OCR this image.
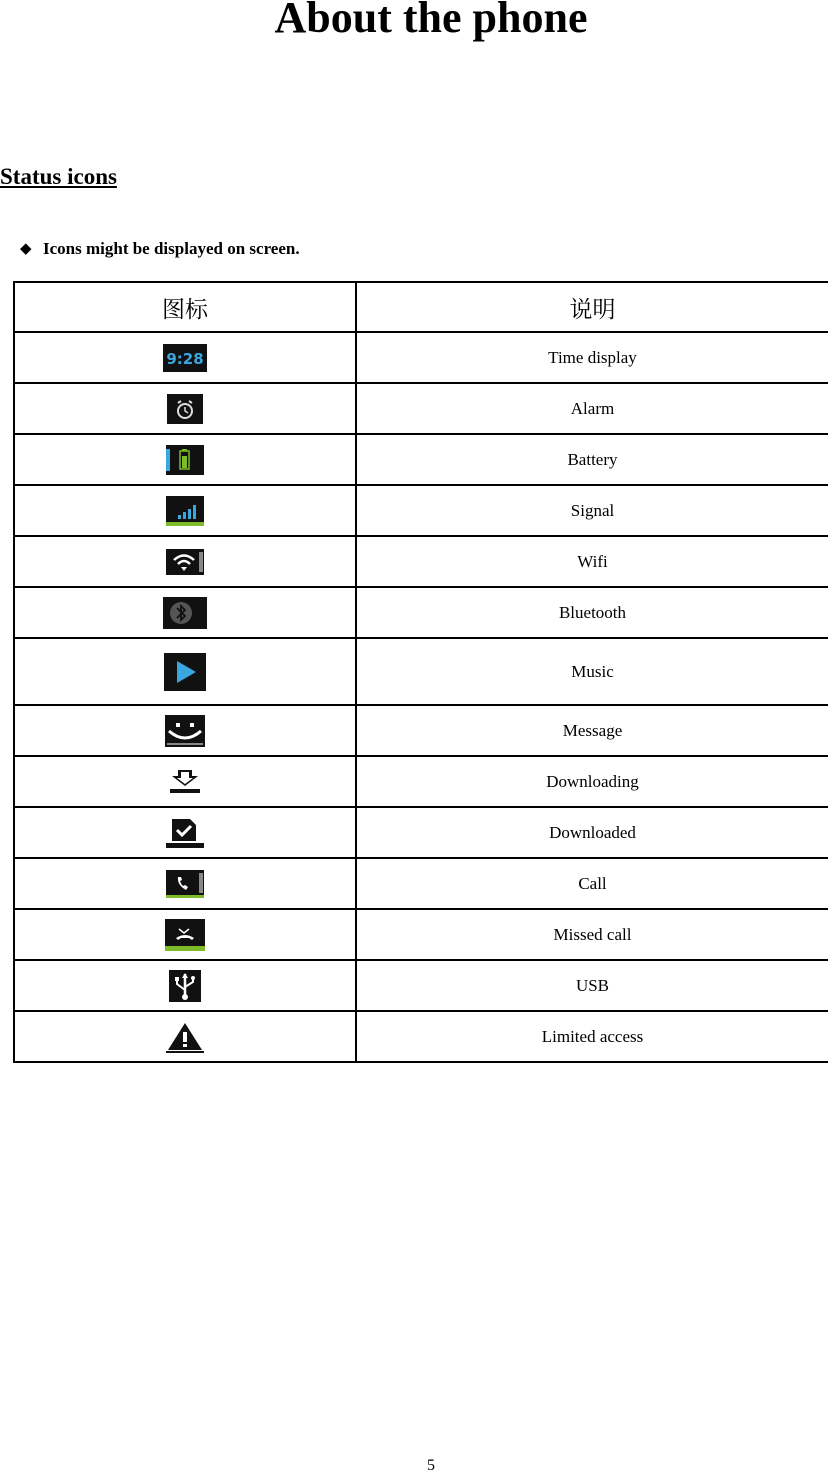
About the phone
Status icons
◆ Icons might be displayed on screen.
图标	说明

9:28	Time display
	Alarm
	Battery
	Signal
	Wifi
	Bluetooth
	Music
	Message
	Downloading
	Downloaded
	Call
	Missed call
	USB
	Limited access
5
